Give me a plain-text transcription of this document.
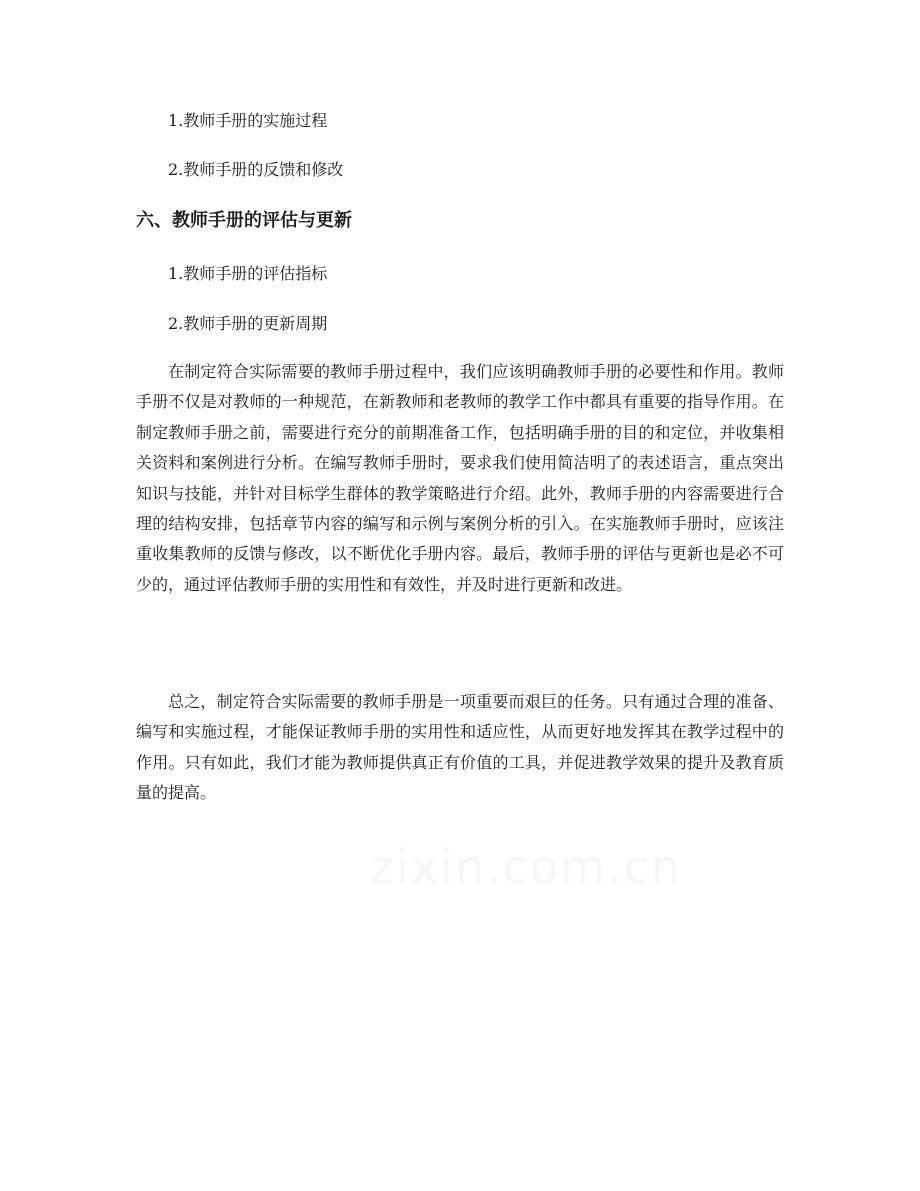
1.教师手册的实施过程
2.教师手册的反馈和修改
六、教师手册的评估与更新
1.教师手册的评估指标
2.教师手册的更新周期

在制定符合实际需要的教师手册过程中，我们应该明确教师手册的必要性和作用。教师手册不仅是对教师的一种规范，在新教师和老教师的教学工作中都具有重要的指导作用。在制定教师手册之前，需要进行充分的前期准备工作，包括明确手册的目的和定位，并收集相关资料和案例进行分析。在编写教师手册时，要求我们使用简洁明了的表述语言，重点突出知识与技能，并针对目标学生群体的教学策略进行介绍。此外，教师手册的内容需要进行合理的结构安排，包括章节内容的编写和示例与案例分析的引入。在实施教师手册时，应该注重收集教师的反馈与修改，以不断优化手册内容。最后，教师手册的评估与更新也是必不可少的，通过评估教师手册的实用性和有效性，并及时进行更新和改进。

总之，制定符合实际需要的教师手册是一项重要而艰巨的任务。只有通过合理的准备、编写和实施过程，才能保证教师手册的实用性和适应性，从而更好地发挥其在教学过程中的作用。只有如此，我们才能为教师提供真正有价值的工具，并促进教学效果的提升及教育质量的提高。
